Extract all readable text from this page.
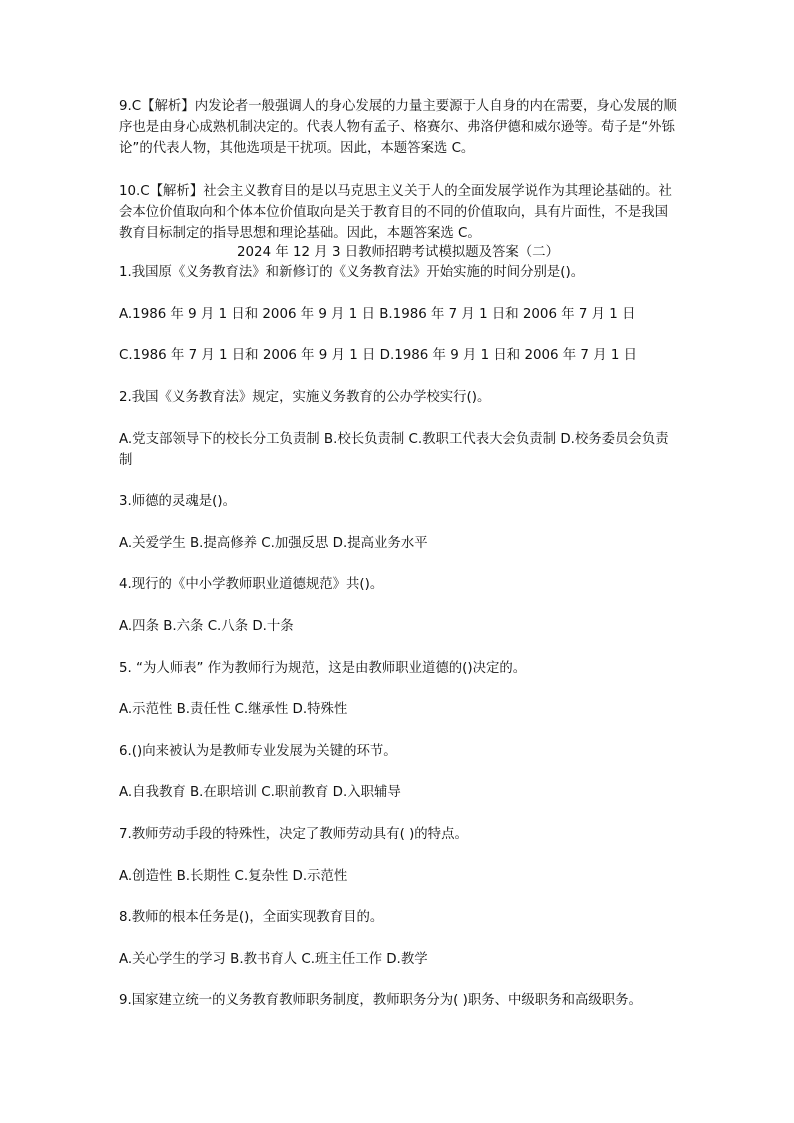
9.C【解析】内发论者一般强调人的身心发展的力量主要源于人自身的内在需要，身心发展的顺序也是由身心成熟机制决定的。代表人物有孟子、格赛尔、弗洛伊德和威尔逊等。荀子是“外铄论”的代表人物，其他选项是干扰项。因此，本题答案选 C。

10.C【解析】社会主义教育目的是以马克思主义关于人的全面发展学说作为其理论基础的。社会本位价值取向和个体本位价值取向是关于教育目的不同的价值取向，具有片面性，不是我国教育目标制定的指导思想和理论基础。因此，本题答案选 C。

2024 年 12 月 3 日教师招聘考试模拟题及答案（二）

1.我国原《义务教育法》和新修订的《义务教育法》开始实施的时间分别是()。

A.1986 年 9 月 1 日和 2006 年 9 月 1 日 B.1986 年 7 月 1 日和 2006 年 7 月 1 日

C.1986 年 7 月 1 日和 2006 年 9 月 1 日 D.1986 年 9 月 1 日和 2006 年 7 月 1 日

2.我国《义务教育法》规定，实施义务教育的公办学校实行()。

A.党支部领导下的校长分工负责制 B.校长负责制 C.教职工代表大会负责制 D.校务委员会负责制

3.师德的灵魂是()。

A.关爱学生 B.提高修养 C.加强反思 D.提高业务水平

4.现行的《中小学教师职业道德规范》共()。

A.四条 B.六条 C.八条 D.十条

5. “为人师表” 作为教师行为规范，这是由教师职业道德的()决定的。

A.示范性 B.责任性 C.继承性 D.特殊性

6.()向来被认为是教师专业发展为关键的环节。

A.自我教育 B.在职培训 C.职前教育 D.入职辅导

7.教师劳动手段的特殊性，决定了教师劳动具有( )的特点。

A.创造性 B.长期性 C.复杂性 D.示范性

8.教师的根本任务是()，全面实现教育目的。

A.关心学生的学习 B.教书育人 C.班主任工作 D.教学

9.国家建立统一的义务教育教师职务制度，教师职务分为( )职务、中级职务和高级职务。
